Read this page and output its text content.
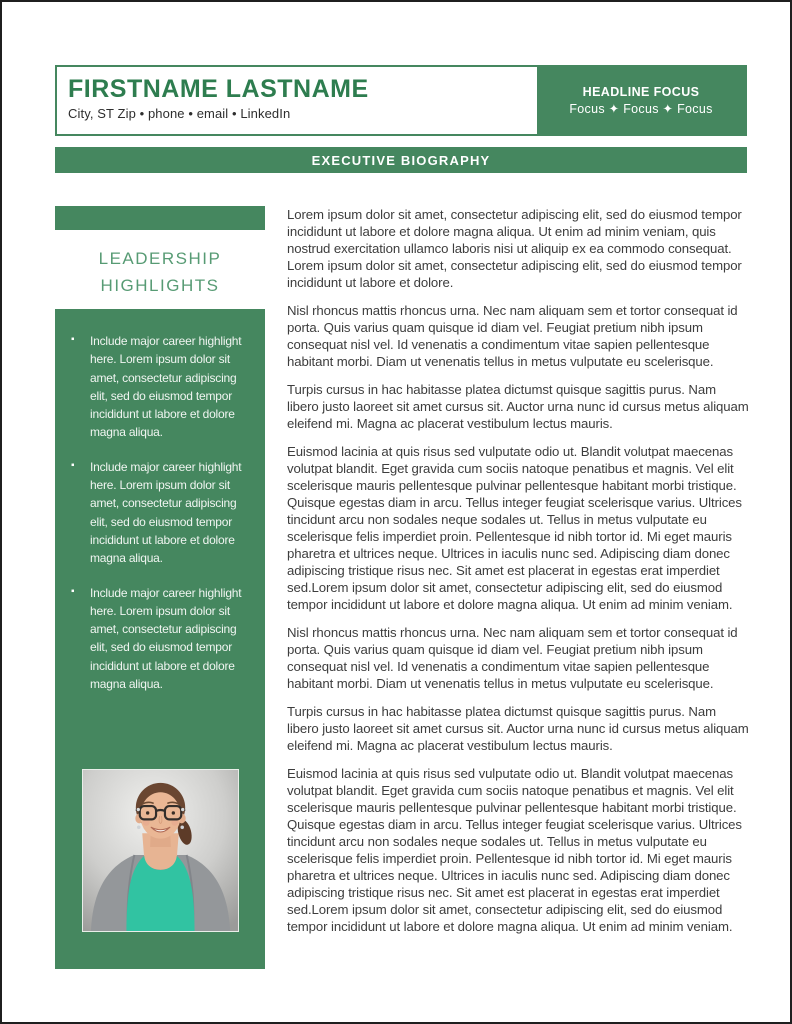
FIRSTNAME LASTNAME
City, ST Zip • phone • email • LinkedIn
HEADLINE FOCUS
Focus ✦ Focus ✦ Focus
EXECUTIVE BIOGRAPHY
LEADERSHIP
HIGHLIGHTS
▪ Include major career highlight here. Lorem ipsum dolor sit amet, consectetur adipiscing elit, sed do eiusmod tempor incididunt ut labore et dolore magna aliqua.
▪ Include major career highlight here. Lorem ipsum dolor sit amet, consectetur adipiscing elit, sed do eiusmod tempor incididunt ut labore et dolore magna aliqua.
▪ Include major career highlight here. Lorem ipsum dolor sit amet, consectetur adipiscing elit, sed do eiusmod tempor incididunt ut labore et dolore magna aliqua.

Lorem ipsum dolor sit amet, consectetur adipiscing elit, sed do eiusmod tempor incididunt ut labore et dolore magna aliqua. Ut enim ad minim veniam, quis nostrud exercitation ullamco laboris nisi ut aliquip ex ea commodo consequat. Lorem ipsum dolor sit amet, consectetur adipiscing elit, sed do eiusmod tempor incididunt ut labore et dolore.

Nisl rhoncus mattis rhoncus urna. Nec nam aliquam sem et tortor consequat id porta. Quis varius quam quisque id diam vel. Feugiat pretium nibh ipsum consequat nisl vel. Id venenatis a condimentum vitae sapien pellentesque habitant morbi. Diam ut venenatis tellus in metus vulputate eu scelerisque.

Turpis cursus in hac habitasse platea dictumst quisque sagittis purus. Nam libero justo laoreet sit amet cursus sit. Auctor urna nunc id cursus metus aliquam eleifend mi. Magna ac placerat vestibulum lectus mauris.

Euismod lacinia at quis risus sed vulputate odio ut. Blandit volutpat maecenas volutpat blandit. Eget gravida cum sociis natoque penatibus et magnis. Vel elit scelerisque mauris pellentesque pulvinar pellentesque habitant morbi tristique. Quisque egestas diam in arcu. Tellus integer feugiat scelerisque varius. Ultrices tincidunt arcu non sodales neque sodales ut. Tellus in metus vulputate eu scelerisque felis imperdiet proin. Pellentesque id nibh tortor id. Mi eget mauris pharetra et ultrices neque. Ultrices in iaculis nunc sed. Adipiscing diam donec adipiscing tristique risus nec. Sit amet est placerat in egestas erat imperdiet sed.Lorem ipsum dolor sit amet, consectetur adipiscing elit, sed do eiusmod tempor incididunt ut labore et dolore magna aliqua. Ut enim ad minim veniam.

Nisl rhoncus mattis rhoncus urna. Nec nam aliquam sem et tortor consequat id porta. Quis varius quam quisque id diam vel. Feugiat pretium nibh ipsum consequat nisl vel. Id venenatis a condimentum vitae sapien pellentesque habitant morbi. Diam ut venenatis tellus in metus vulputate eu scelerisque.

Turpis cursus in hac habitasse platea dictumst quisque sagittis purus. Nam libero justo laoreet sit amet cursus sit. Auctor urna nunc id cursus metus aliquam eleifend mi. Magna ac placerat vestibulum lectus mauris.

Euismod lacinia at quis risus sed vulputate odio ut. Blandit volutpat maecenas volutpat blandit. Eget gravida cum sociis natoque penatibus et magnis. Vel elit scelerisque mauris pellentesque pulvinar pellentesque habitant morbi tristique. Quisque egestas diam in arcu. Tellus integer feugiat scelerisque varius. Ultrices tincidunt arcu non sodales neque sodales ut. Tellus in metus vulputate eu scelerisque felis imperdiet proin. Pellentesque id nibh tortor id. Mi eget mauris pharetra et ultrices neque. Ultrices in iaculis nunc sed. Adipiscing diam donec adipiscing tristique risus nec. Sit amet est placerat in egestas erat imperdiet sed.Lorem ipsum dolor sit amet, consectetur adipiscing elit, sed do eiusmod tempor incididunt ut labore et dolore magna aliqua. Ut enim ad minim veniam.
